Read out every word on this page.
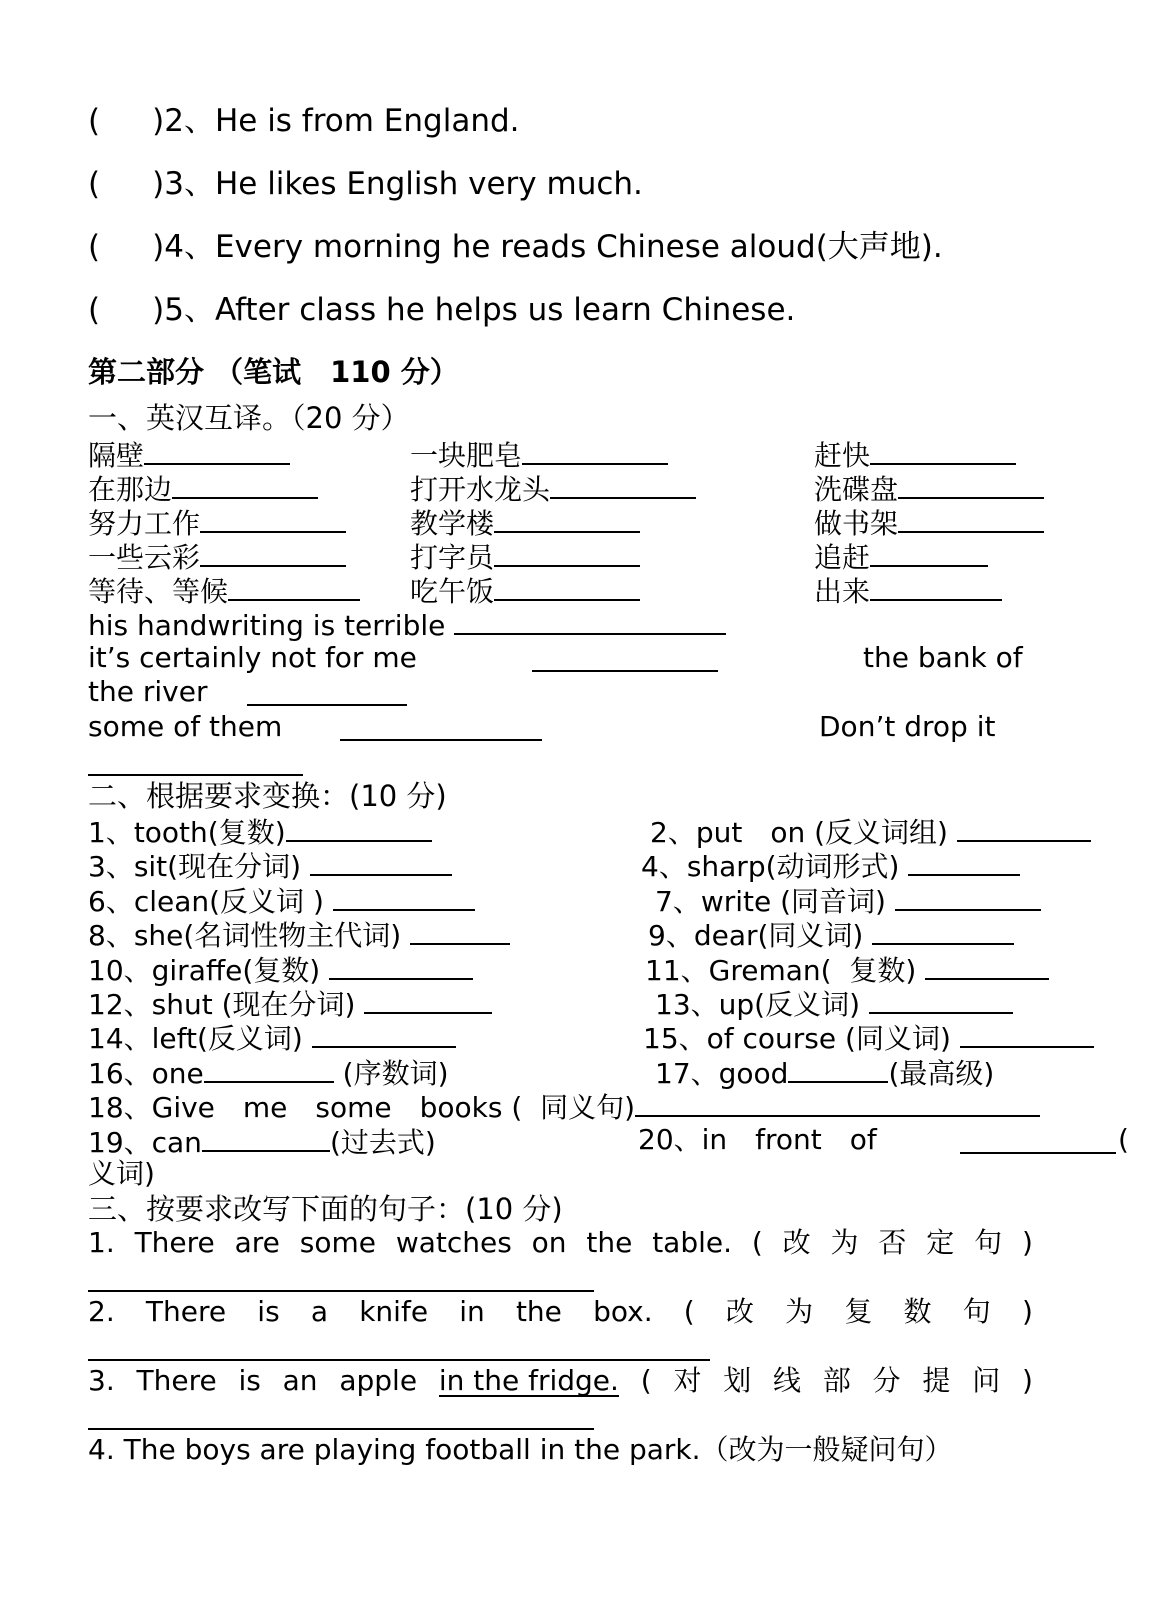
( )2、He is from England.
( )3、He likes English very much.
( )4、Every morning he reads Chinese aloud(大声地).
( )5、After class he helps us learn Chinese.
第二部分 （笔试　110 分）
一、英汉互译。（20 分）
隔壁	一块肥皂	赶快
在那边	打开水龙头	洗碟盘
努力工作	教学楼	做书架
一些云彩	打字员	追赶
等待、等候	吃午饭	出来
his handwriting is terrible
it’s certainly not for me	the bank of
the river
some of them	Don’t drop it
二、根据要求变换：(10 分)
1、tooth(复数)	2、put　on (反义词组)
3、sit(现在分词)	4、sharp(动词形式)
6、clean(反义词 )	7、write (同音词)
8、she(名词性物主代词)	9、dear(同义词)
10、giraffe(复数)	11、Greman(  复数)
12、shut (现在分词)	13、up(反义词)
14、left(反义词)	15、of course (同义词)
16、one	(序数词)	17、good	(最高级)
18、Give　me　some　books (  同义句)
19、can	(过去式)	20、in　front　of	(
义词)
三、按要求改写下面的句子：(10 分)
1. There are some watches on the table. ( 改 为 否 定 句 )
2. There is a knife in the box. ( 改 为 复 数 句 )
3. There is an apple in the fridge. ( 对 划 线 部 分 提 问 )
4. The boys are playing football in the park.（改为一般疑问句）
